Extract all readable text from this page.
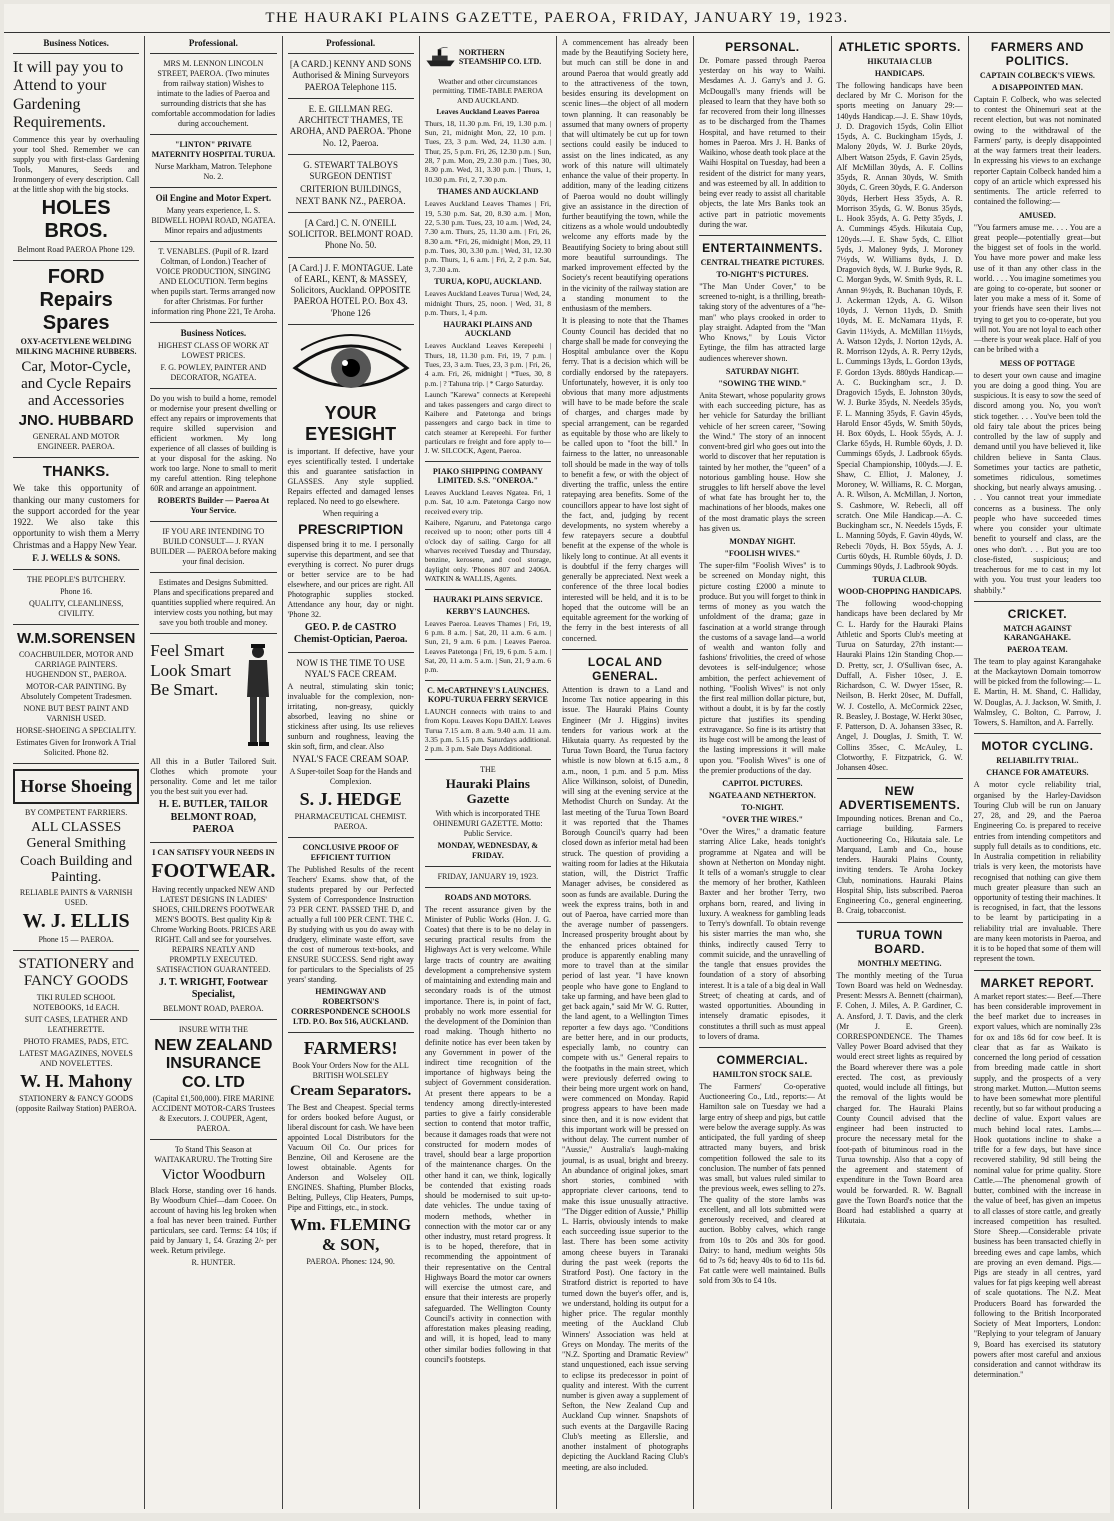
THE HAURAKI PLAINS GAZETTE, PAEROA, FRIDAY, JANUARY 19, 1923.
Business Notices.
It will pay you to Attend to your Gardening Requirements.
Commence this year by overhauling your tool Shed. Remember we can supply you with first-class Gardening Tools, Manures, Seeds and Ironmongery of every description. Call at the little shop with the big stocks.
HOLES BROS.
Belmont Road PAEROA Phone 129.
FORD Repairs Spares
OXY-ACETYLENE WELDING MILKING MACHINE RUBBERS.
Car, Motor-Cycle, and Cycle Repairs and Accessories
JNO. HUBBARD
GENERAL AND MOTOR ENGINEER. PAEROA.
THANKS.
We take this opportunity of thanking our many customers for the support accorded for the year 1922. We also take this opportunity to wish them a Merry Christmas and a Happy New Year.
F. J. WELLS & SONS.
THE PEOPLE'S BUTCHERY.
Phone 16.
QUALITY, CLEANLINESS, CIVILITY.
W.M.SORENSEN
COACHBUILDER, MOTOR AND CARRIAGE PAINTERS. HUGHENDON ST., PAEROA.
MOTOR-CAR PAINTING. By Absolutely Competent Tradesmen.
NONE BUT BEST PAINT AND VARNISH USED.
HORSE-SHOEING A SPECIALITY.
Estimates Given for Ironwork A Trial Solicited. Phone 82.
Horse Shoeing
BY COMPETENT FARRIERS.
ALL CLASSES General Smithing
Coach Building and Painting.
RELIABLE PAINTS & VARNISH USED.
W. J. ELLIS
Phone 15 — PAEROA.
STATIONERY and FANCY GOODS
TIKI RULED SCHOOL NOTEBOOKS, 1d EACH.
SUIT CASES, LEATHER AND LEATHERETTE.
PHOTO FRAMES, PADS, ETC.
LATEST MAGAZINES, NOVELS AND NOVELETTES.
W. H. Mahony
STATIONERY & FANCY GOODS (opposite Railway Station) PAEROA.
Professional.
MRS M. LENNON LINCOLN STREET, PAEROA. (Two minutes from railway station) Wishes to intimate to the ladies of Paeroa and surrounding districts that she has comfortable accommodation for ladies during accouchement.
"LINTON" PRIVATE MATERNITY HOSPITAL TURUA.
Nurse Markham, Matron. Telephone No. 2.
Oil Engine and Motor Expert.
Many years experience, L. S. BIDWELL HOPAI ROAD, NGATEA. Minor repairs and adjustments
T. VENABLES. (Pupil of R. Izard Coltman, of London.) Teacher of VOICE PRODUCTION, SINGING AND ELOCUTION. Term begins when pupils start. Terms arranged now for after Christmas. For further information ring Phone 221, Te Aroha.
Business Notices.
HIGHEST CLASS OF WORK AT LOWEST PRICES.
F. G. POWLEY, PAINTER AND DECORATOR, NGATEA.
Do you wish to build a home, remodel or modernise your present dwelling or effect any repairs or improvements that require skilled supervision and efficient workmen. My long experience of all classes of building is at your disposal for the asking. No work too large. None to small to merit my careful attention. Ring telephone 60R and arrange an appointment.
ROBERTS Builder — Paeroa At Your Service.
IF YOU ARE INTENDING TO BUILD CONSULT— J. RYAN BUILDER — PAEROA before making your final decision.
Estimates and Designs Submitted. Plans and specifications prepared and quantities supplied where required. An interview costs you nothing, but may save you both trouble and money.
Feel Smart Look Smart Be Smart.
All this in a Butler Tailored Suit. Clothes which promote your personality. Come and let me tailor you the best suit you ever had.
H. E. BUTLER, TAILOR BELMONT ROAD, PAEROA
I CAN SATISFY YOUR NEEDS IN
FOOTWEAR.
Having recently unpacked NEW AND LATEST DESIGNS IN LADIES' SHOES, CHILDREN'S FOOTWEAR MEN'S BOOTS. Best quality Kip & Chrome Working Boots. PRICES ARE RIGHT. Call and see for yourselves. REPAIRS NEATLY AND PROMPTLY EXECUTED. SATISFACTION GUARANTEED.
J. T. WRIGHT, Footwear Specialist,
BELMONT ROAD, PAEROA.
INSURE WITH THE
NEW ZEALAND INSURANCE CO. LTD
(Capital £1,500,000). FIRE MARINE ACCIDENT MOTOR-CARS Trustees & Executors. J. COUPER, Agent, PAEROA.
To Stand This Season at WAITAKARURU. The Trotting Sire
Victor Woodburn
Black Horse, standing over 16 hands. By Woodburn Chief—dam Cooee. On account of having his leg broken when a foal has never been trained. Further particulars, see card. Terms: £4 10s; if paid by January 1, £4. Grazing 2/- per week. Return privilege.
R. HUNTER.
Professional.
[A CARD.] KENNY AND SONS Authorised & Mining Surveyors PAEROA Telephone 115.
E. E. GILLMAN REG. ARCHITECT THAMES, TE AROHA, AND PAEROA. 'Phone No. 12, Paeroa.
G. STEWART TALBOYS SURGEON DENTIST
CRITERION BUILDINGS, NEXT BANK NZ., PAEROA.
[A Card.] C. N. O'NEILL SOLICITOR. BELMONT ROAD. Phone No. 50.
[A Card.] J. F. MONTAGUE. Late of EARL, KENT, & MASSEY, Solicitors, Auckland. OPPOSITE PAEROA HOTEL P.O. Box 43. 'Phone 126
YOUR EYESIGHT
is important. If defective, have your eyes scientifically tested. I undertake this and guarantee satisfaction in GLASSES. Any style supplied. Repairs effected and damaged lenses replaced. No need to go elsewhere.
When requiring a
PRESCRIPTION
dispensed bring it to me. I personally supervise this department, and see that everything is correct. No purer drugs or better service are to be had elsewhere, and our prices are right. All Photographic supplies stocked. Attendance any hour, day or night. 'Phone 32.
GEO. P. de CASTRO Chemist-Optician, Paeroa.
NOW IS THE TIME TO USE NYAL'S FACE CREAM.
A neutral, stimulating skin tonic; invaluable for the complexion, non-irritating, non-greasy, quickly absorbed, leaving no shine or stickiness after using. Its use relieves sunburn and roughness, leaving the skin soft, firm, and clear. Also
NYAL'S FACE CREAM SOAP.
A Super-toilet Soap for the Hands and Complexion.
S. J. HEDGE
PHARMACEUTICAL CHEMIST. PAEROA.
CONCLUSIVE PROOF OF EFFICIENT TUITION
The Published Results of the recent Teachers' Exams. show that, of the students prepared by our Perfected System of Correspondence Instruction 73 PER CENT. PASSED THE D, and actually a full 100 PER CENT. THE C. By studying with us you do away with drudgery, eliminate waste effort, save the cost of numerous text-books, and ENSURE SUCCESS. Send right away for particulars to the Specialists of 25 years' standing.
HEMINGWAY AND ROBERTSON'S CORRESPONDENCE SCHOOLS LTD. P.O. Box 516, AUCKLAND.
FARMERS!
Book Your Orders Now for the ALL BRITISH WOLSELEY
Cream Separators.
The Best and Cheapest. Special terms for orders booked before August, or liberal discount for cash. We have been appointed Local Distributors for the Vacuum Oil Co. Our prices for Benzine, Oil and Kerosene are the lowest obtainable. Agents for Anderson and Wolseley OIL ENGINES. Shafting, Plumber Blocks, Belting, Pulleys, Clip Heaters, Pumps, Pipe and Fittings, etc., in stock.
Wm. FLEMING & SON,
PAEROA. Phones: 124, 90.
NORTHERN STEAMSHIP CO. LTD.
Weather and other circumstances permitting. TIME-TABLE PAEROA AND AUCKLAND.
Leaves Auckland Leaves Paeroa
Thurs, 18, 11.30 p.m. Fri, 19, 1.30 p.m. | Sun, 21, midnight Mon, 22, 10 p.m. | Tues, 23, 3 p.m. Wed, 24, 11.30 a.m. | Thur, 25, 5 p.m. Fri, 26, 12.30 p.m. | Sun, 28, 7 p.m. Mon, 29, 2.30 p.m. | Tues, 30, 8.30 p.m. Wed, 31, 3.30 p.m. | Thurs, 1, 10.30 p.m. Fri, 2, 7.30 p.m.
THAMES AND AUCKLAND
Leaves Auckland Leaves Thames | Fri, 19, 5.30 p.m. Sat, 20, 8.30 a.m. | Mon, 22, 5.30 p.m. Tues, 23, 10 a.m. | Wed, 24, 7.30 a.m. Thurs, 25, 11.30 a.m. | Fri, 26, 8.30 a.m. *Fri, 26, midnight | Mon, 29, 11 p.m. Tues, 30, 3.30 p.m. | Wed, 31, 12.30 p.m. Thurs, 1, 6 a.m. | Fri, 2, 2 p.m. Sat, 3, 7.30 a.m.
TURUA, KOPU, AUCKLAND.
Leaves Auckland Leaves Turua | Wed, 24, midnight Thurs, 25, noon. | Wed, 31, 8 p.m. Thurs, 1, 4 p.m.
HAURAKI PLAINS AND AUCKLAND
Leaves Auckland Leaves Kerepeehi | Thurs, 18, 11.30 p.m. Fri, 19, 7 p.m. | Tues, 23, 3 a.m. Tues, 23, 3 p.m. | Fri, 26, 4 a.m. Fri, 26, midnight | *Tues, 30, 8 p.m. | ? Tahuna trip. | * Cargo Saturday.
Launch "Karewa" connects at Kerepeehi and takes passengers and cargo direct to Kaihere and Patetonga and brings passengers and cargo back in time to catch steamer at Kerepeehi. For further particulars re freight and fore apply to— J. W. SILCOCK, Agent, Paeroa.
PIAKO SHIPPING COMPANY LIMITED. S.S. "ONEROA."
Leaves Auckland Leaves Ngatea. Fri, 1 p.m. Sat, 10 a.m. Patetonga Cargo now received every trip.
Kaihere, Ngaruru, and Patetonga cargo received up to noon; other ports till 4 o'clock day of sailing. Cargo for all wharves received Tuesday and Thursday, benzine, kerosene, and cool storage, daylight only. 'Phones 807 and 2406A. WATKIN & WALLIS, Agents.
HAURAKI PLAINS SERVICE.
KERBY'S LAUNCHES.
Leaves Paeroa. Leaves Thames | Fri, 19, 6 p.m. 8 a.m. | Sat, 20, 11 a.m. 6 a.m. | Sun, 21, 9 a.m. 6 p.m. | Leaves Paeroa. Leaves Patetonga | Fri, 19, 6 p.m. 5 a.m. | Sat, 20, 11 a.m. 5 a.m. | Sun, 21, 9 a.m. 6 p.m.
C. McCARTHNEY'S LAUNCHES. KOPU-TURUA FERRY SERVICE
LAUNCH connects with trains to and from Kopu. Leaves Kopu DAILY. Leaves Turua 7.15 a.m. 8 a.m. 9.40 a.m. 11 a.m. 3.35 p.m. 5.15 p.m. Saturdays additional. 2 p.m. 3 p.m. Sale Days Additional.
THE
Hauraki Plains Gazette
With which is incorporated THE OHINEMURI GAZETTE. Motto: Public Service.
MONDAY, WEDNESDAY, & FRIDAY.
FRIDAY, JANUARY 19, 1923.
ROADS AND MOTORS.
The recent assurance given by the Minister of Public Works (Hon. J. G. Coates) that there is to be no delay in securing practical results from the Highways Act is very welcome. While large tracts of country are awaiting development a comprehensive system of maintaining and extending main and secondary roads is of the utmost importance. There is, in point of fact, probably no work more essential for the development of the Dominion than road making. Though hitherto no definite notice has ever been taken by any Government in power of the indirect time recognition of the importance of highways being the subject of Government consideration. At present there appears to be a tendency among directly-interested parties to give a fairly considerable section to contend that motor traffic, because it damages roads that were not constructed for modern modes of travel, should bear a large proportion of the maintenance charges. On the other hand it can, we think, logically be contended that existing roads should be modernised to suit up-to-date vehicles. The undue taxing of modern methods, whether in connection with the motor car or any other industry, must retard progress. It is to be hoped, therefore, that in recommending the appointment of their representative on the Central Highways Board the motor car owners will exercise the utmost care, and ensure that their interests are properly safeguarded. The Wellington County Council's activity in connection with afforestation makes pleasing reading, and will, it is hoped, lead to many other similar bodies following in that council's footsteps.
A commencement has already been made by the Beautifying Society here, but much can still be done in and around Paeroa that would greatly add to the attractiveness of the town, besides ensuring its development on scenic lines—the object of all modern town planning. It can reasonably be assumed that many owners of property that will ultimately be cut up for town sections could easily be induced to assist on the lines indicated, as any work of this nature will ultimately enhance the value of their property. In addition, many of the leading citizens of Paeroa would no doubt willingly give an assistance in the direction of further beautifying the town, while the citizens as a whole would undoubtedly welcome any efforts made by the Beautifying Society to bring about still more beautiful surroundings. The marked improvement effected by the Society's recent beautifying operations in the vicinity of the railway station are a standing monument to the enthusiasm of the members.
It is pleasing to note that the Thames County Council has decided that no charge shall be made for conveying the Hospital ambulance over the Kopu ferry. That is a decision which will be cordially endorsed by the ratepayers. Unfortunately, however, it is only too obvious that many more adjustments will have to be made before the scale of charges, and charges made by special arrangement, can be regarded as equitable by those who are likely to be called upon to "foot the bill." In fairness to the latter, no unreasonable toll should be made in the way of tolls to benefit a few, or with the object of diverting the traffic, unless the entire ratepaying area benefits. Some of the councillors appear to have lost sight of the fact, and, judging by recent developments, no system whereby a few ratepayers secure a doubtful benefit at the expense of the whole is likely long to continue. At all events it is doubtful if the ferry charges will generally be appreciated. Next week a conference of the three local bodies interested will be held, and it is to be hoped that the outcome will be an equitable agreement for the working of the ferry in the best interests of all concerned.
LOCAL AND GENERAL.
Attention is drawn to a Land and Income Tax notice appearing in this issue. The Hauraki Plains County Engineer (Mr J. Higgins) invites tenders for various work at the Hikutaia quarry. As requested by the Turua Town Board, the Turua factory whistle is now blown at 6.15 a.m., 8 a.m., noon, 1 p.m. and 5 p.m. Miss Alice Wilkinson, soloist, of Dunedin, will sing at the evening service at the Methodist Church on Sunday. At the last meeting of the Turua Town Board it was reported that the Thames Borough Council's quarry had been closed down as inferior metal had been struck. The question of providing a waiting room for ladies at the Hikutaia station, will, the District Traffic Manager advises, be considered as soon as funds are available. During the week the express trains, both in and out of Paeroa, have carried more than the average number of passengers. Increased prosperity brought about by the enhanced prices obtained for produce is apparently enabling many more to travel than at the similar period of last year. "I have known people who have gone to England to take up farming, and have been glad to get back again," said Mr W. G. Rutter, the land agent, to a Wellington Times reporter a few days ago. "Conditions are better here, and in our products, especially lamb, no country can compete with us." General repairs to the footpaths in the main street, which were previously deferred owing to their being more urgent work on hand, were commenced on Monday. Rapid progress appears to have been made since then, and it is now evident that this important work will be pressed on without delay. The current number of "Aussie," Australia's laugh-making journal, is as usual, bright and breezy. An abundance of original jokes, smart short stories, combined with appropriate clever cartoons, tend to make this issue unusually attractive. "The Digger edition of Aussie," Phillip L. Harris, obviously intends to make each succeeding issue superior to the last. There has been some activity among cheese buyers in Taranaki during the past week (reports the Stratford Post). One factory in the Stratford district is reported to have turned down the buyer's offer, and is, we understand, holding its output for a higher price. The regular monthly meeting of the Auckland Club Winners' Association was held at Greys on Monday. The merits of the "N.Z. Sporting and Dramatic Review" stand unquestioned, each issue serving to eclipse its predecessor in point of quality and interest. With the current number is given away a supplement of Sefton, the New Zealand Cup and Auckland Cup winner. Snapshots of such events at the Dargaville Racing Club's meeting as Ellerslie, and another instalment of photographs depicting the Auckland Racing Club's meeting, are also included.
PERSONAL.
Dr. Pomare passed through Paeroa yesterday on his way to Waihi. Mesdames A. J. Garry's and J. G. McDougall's many friends will be pleased to learn that they have both so far recovered from their long illnesses as to be discharged from the Thames Hospital, and have returned to their homes in Paeroa. Mrs J. H. Banks of Waikino, whose death took place at the Waihi Hospital on Tuesday, had been a resident of the district for many years, and was esteemed by all. In addition to being ever ready to assist all charitable objects, the late Mrs Banks took an active part in patriotic movements during the war.
ENTERTAINMENTS.
CENTRAL THEATRE PICTURES.
TO-NIGHT'S PICTURES.
"The Man Under Cover," to be screened to-night, is a thrilling, breath-taking story of the adventures of a "he-man" who plays crooked in order to play straight. Adapted from the "Man Who Knows," by Louis Victor Eytinge, the film has attracted large audiences wherever shown.
SATURDAY NIGHT.
"SOWING THE WIND."
Anita Stewart, whose popularity grows with each succeeding picture, has as her vehicle for Saturday the brilliant vehicle of her screen career, "Sowing the Wind." The story of an innocent convent-bred girl who goes out into the world to discover that her reputation is tainted by her mother, the "queen" of a notorious gambling house. How she struggles to lift herself above the level of what fate has brought her to, the machinations of her bloods, makes one of the most dramatic plays the screen has given us.
MONDAY NIGHT.
"FOOLISH WIVES."
The super-film "Foolish Wives" is to be screened on Monday night, this picture costing £2000 a minute to produce. But you will forget to think in terms of money as you watch the unfoldment of the drama; gaze in fascination at a world strange through the customs of a savage land—a world of wealth and wanton folly and fashions' frivolities, the creed of whose devotees is self-indulgence; whose ambition, the perfect achievement of nothing. "Foolish Wives" is not only the first real million dollar picture, but, without a doubt, it is by far the costly picture that justifies its spending extravagance. So fine is its artistry that its huge cost will be among the least of the lasting impressions it will make upon you. "Foolish Wives" is one of the premier productions of the day.
CAPITOL PICTURES.
NGATEA AND NETHERTON.
TO-NIGHT.
"OVER THE WIRES."
"Over the Wires," a dramatic feature starring Alice Lake, heads tonight's programme at Ngatea and will be shown at Netherton on Monday night. It tells of a woman's struggle to clear the memory of her brother, Kathleen Baxter and her brother Terry, two orphans born, reared, and living in luxury. A weakness for gambling leads to Terry's downfall. To obtain revenge his sister marries the man who, she thinks, indirectly caused Terry to commit suicide, and the unravelling of the tangle that ensues provides the foundation of a story of absorbing interest. It is a tale of a big deal in Wall Street; of cheating at cards, and of wasted opportunities. Abounding in intensely dramatic episodes, it constitutes a thrill such as must appeal to lovers of drama.
COMMERCIAL.
HAMILTON STOCK SALE.
The Farmers' Co-operative Auctioneering Co., Ltd., reports:— At Hamilton sale on Tuesday we had a large entry of sheep and pigs, but cattle were below the average supply. As was anticipated, the full yarding of sheep attracted many buyers, and brisk competition followed the sale to its conclusion. The number of fats penned was small, but values ruled similar to the previous week, ewes selling to 27s. The quality of the store lambs was excellent, and all lots submitted were generously received, and cleared at auction. Bobby calves, which range from 10s to 20s and 30s for good. Dairy: to hand, medium weights 50s 6d to 7s 6d; heavy 40s to 6d to 11s 6d. Fat cattle were well maintained. Bulls sold from 30s to £4 10s.
ATHLETIC SPORTS.
HIKUTAIA CLUB
HANDICAPS.
The following handicaps have been declared by Mr C. Morison for the sports meeting on January 29:— 140yds Handicap.—J. E. Shaw 10yds, J. D. Dragovich 15yds, Colin Elliot 15yds, A. C. Buckingham 15yds, J. Malony 20yds, W. J. Burke 20yds, Albert Watson 25yds, F. Gavin 25yds, Alf McMillan 30yds, A. F. Collins 35yds, R. Annan 30yds, W. Smith 30yds, C. Green 30yds, F. G. Anderson 30yds, Herbert Hess 35yds, A. R. Morrison 35yds, G. W. Bonus 35yds, L. Hook 35yds, A. G. Petty 35yds, J. A. Cummings 45yds. Hikutaia Cup, 120yds.—J. E. Shaw 5yds, C. Elliot 5yds, J. Maloney 9yds, J. Moroney 7½yds, W. Williams 8yds, J. D. Dragovich 8yds, W. J. Burke 9yds, R. C. Morgan 9yds, W. Smith 9yds, R. L. Annan 9½yds, R. Buchanan 10yds, F. J. Ackerman 12yds, A. G. Wilson 10yds, J. Vernon 11yds, D. Smith 10yds, M. E. McNamara 11yds, F. Gavin 11½yds, A. McMillan 11½yds, A. Watson 12yds, J. Norton 12yds, A. R. Morrison 12yds, A. R. Perry 12yds, L. Cummings 13yds, L. Gordon 13yds, F. Gordon 13yds. 880yds Handicap.—A. C. Buckingham scr., J. D. Dragovich 15yds, E. Johnston 30yds, W. J. Burke 35yds, N. Needels 35yds, F. L. Manning 35yds, F. Gavin 45yds, Harold Ensor 45yds, W. Smith 50yds, H. Box 60yds, L. Hook 55yds, A. J. Clarke 65yds, H. Rumble 60yds, J. D. Cummings 65yds, J. Ladbrook 65yds. Special Championship, 100yds.—J. E. Shaw, C. Elliot, J. Maloney, J. Moroney, W. Williams, R. C. Morgan, A. R. Wilson, A. McMillan, J. Norton, S. Cashmore, W. Rebecli, all off scratch. One Mile Handicap.—A. C. Buckingham scr., N. Needels 15yds, F. L. Manning 50yds, F. Gavin 40yds, W. Rebecli 70yds, H. Box 55yds, A. J. Curtis 60yds, H. Rumble 60yds, J. D. Cummings 90yds, J. Ladbrook 90yds.
TURUA CLUB.
WOOD-CHOPPING HANDICAPS.
The following wood-chopping handicaps have been declared by Mr C. L. Hardy for the Hauraki Plains Athletic and Sports Club's meeting at Turua on Saturday, 27th instant:— Hauraki Plains 12in Standing Chop.—D. Pretty, scr, J. O'Sullivan 6sec, A. Duffall, A. Fisher 10sec, J. E. Richardson, C. W. Dwyer 15sec, R. Neilson, B. Herkt 20sec, M. Duffall, W. J. Costello, A. McCormick 22sec, R. Beasley, J. Bostage, W. Herkt 30sec, F. Patterson, D. A. Johansen 33sec, R. Angel, J. Douglas, J. Smith, T. W. Collins 35sec, C. McAuley, L. Clotworthy, F. Fitzpatrick, G. W. Johansen 40sec.
NEW ADVERTISEMENTS.
Impounding notices. Brenan and Co., carriage building. Farmers Auctioneering Co., Hikutaia sale. Le Marquand, Lamb and Co., house tenders. Hauraki Plains County, inviting tenders. Te Aroha Jockey Club, nominations. Hauraki Plains Hospital Ship, lists subscribed. Paeroa Engineering Co., general engineering. B. Craig, tobacconist.
TURUA TOWN BOARD.
MONTHLY MEETING.
The monthly meeting of the Turua Town Board was held on Wednesday. Present: Messrs A. Bennett (chairman), F. Cohen, J. Miles, A. P. Gardiner, C. A. Ansford, J. T. Davis, and the clerk (Mr J. E. Green). CORRESPONDENCE. The Thames Valley Power Board advised that they would erect street lights as required by the Board wherever there was a pole erected. The cost, as previously quoted, would include all fittings, but the removal of the lights would be charged for. The Hauraki Plains County Council advised that the engineer had been instructed to procure the necessary metal for the foot-path of bituminous road in the Turua township. Also that a copy of the agreement and statement of expenditure in the Town Board area would be forwarded. R. W. Bagnall gave the Town Board's notice that the Board had established a quarry at Hikutaia.
FARMERS AND POLITICS.
CAPTAIN COLBECK'S VIEWS.
A DISAPPOINTED MAN.
Captain F. Colbeck, who was selected to contest the Ohinemuri seat at the recent election, but was not nominated owing to the withdrawal of the Farmers' party, is deeply disappointed at the way farmers treat their leaders. In expressing his views to an exchange reporter Captain Colbeck handed him a copy of an article which expressed his sentiments. The article referred to contained the following:—
AMUSED.
"You farmers amuse me. . . . You are a great people—potentially great—but the biggest set of fools in the world. You have more power and make less use of it than any other class in the world. . . . You imagine sometimes you are going to co-operate, but sooner or later you make a mess of it. Some of your friends have seen their lives not trying to get you to co-operate, but you will not. You are not loyal to each other—there is your weak place. Half of you can be bribed with a
MESS OF POTTAGE
to desert your own cause and imagine you are doing a good thing. You are suspicious. It is easy to sow the seed of discord among you. No, you won't stick together. . . . You've been told the old fairy tale about the prices being controlled by the law of supply and demand until you have believed it, like children believe in Santa Claus. Sometimes your tactics are pathetic, sometimes ridiculous, sometimes shocking, but nearly always amusing. . . . You cannot treat your immediate concerns as a business. The only people who have succeeded times where you consider your ultimate benefit to yourself and class, are the ones who don't. . . . But you are too close-fisted, suspicious; and treacherous for me to cast in my lot with you. You trust your leaders too shabbily."
CRICKET.
MATCH AGAINST KARANGAHAKE.
PAEROA TEAM.
The team to play against Karangahake at the Mackaytown Domain tomorrow will be picked from the following:— L. E. Martin, H. M. Shand, C. Halliday, W. Douglas, A. J. Jackson, W. Smith, J. Walmsley, C. Bolton, C. Parrow, J. Towers, S. Hamilton, and A. Farrelly.
MOTOR CYCLING.
RELIABILITY TRIAL.
CHANCE FOR AMATEURS.
A motor cycle reliability trial, organised by the Harley-Davidson Touring Club will be run on January 27, 28, and 29, and the Paeroa Engineering Co. is prepared to receive entries from intending competitors and supply full details as to conditions, etc. In Australia competition in reliability trials is very keen, the motorists have recognised that nothing can give them much greater pleasure than such an opportunity of testing their machines. It is recognised, in fact, that the lessons to be learnt by participating in a reliability trial are invaluable. There are many keen motorists in Paeroa, and it is to be hoped that some of them will represent the town.
MARKET REPORT.
A market report states:— Beef.—There has been considerable improvement in the beef market due to increases in export values, which are nominally 23s for ox and 18s 6d for cow beef. It is clear that as far as Waikato is concerned the long period of cessation from breeding made cattle in short supply, and the prospects of a very strong market. Mutton.—Mutton seems to have been somewhat more plentiful recently, but so far without producing a decline of value. Export values are much behind local rates. Lambs.—Hook quotations incline to shake a trifle for a few days, but have since recovered stability, 9d still being the nominal value for prime quality. Store Cattle.—The phenomenal growth of butter, combined with the increase in the value of beef, has given an impetus to all classes of store cattle, and greatly increased competition has resulted. Store Sheep.—Considerable private business has been transacted chiefly in breeding ewes and cape lambs, which are proving an even demand. Pigs.—Pigs are steady in all centres, yard values for fat pigs keeping well abreast of scale quotations. The N.Z. Meat Producers Board has forwarded the following to the British Incorporated Society of Meat Importers, London: "Replying to your telegram of January 9, Board has exercised its statutory powers after most careful and anxious consideration and cannot withdraw its determination."
